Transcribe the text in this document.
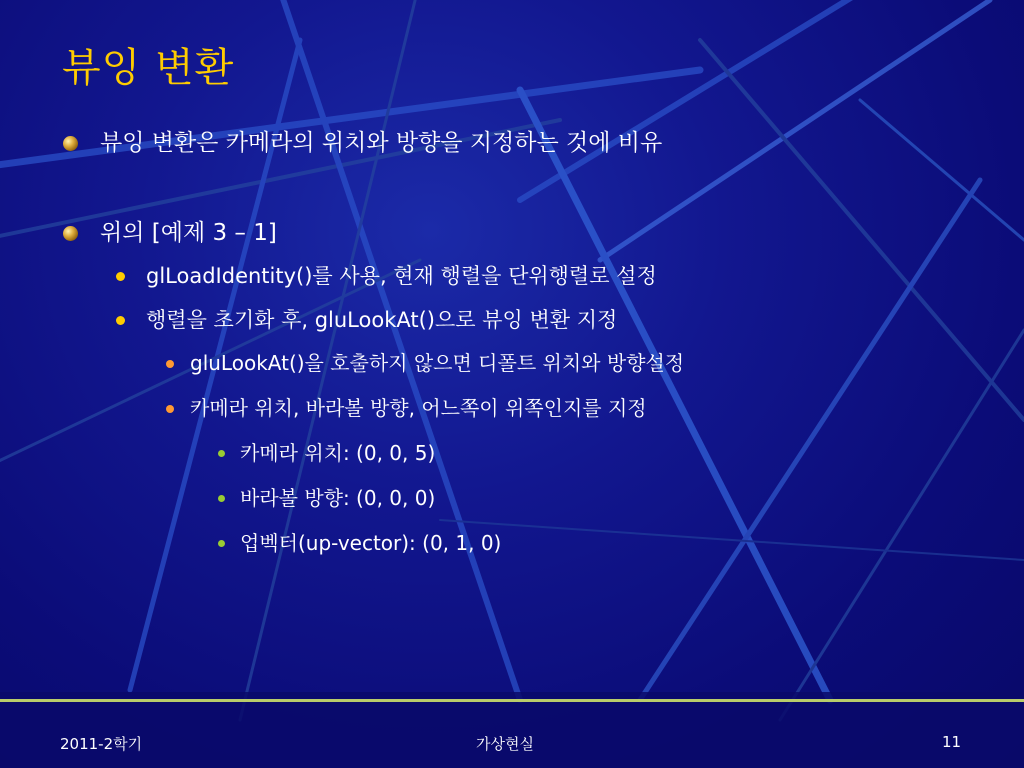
뷰잉 변환
뷰잉 변환은 카메라의 위치와 방향을 지정하는 것에 비유
위의 [예제 3 – 1]
glLoadIdentity()를 사용, 현재 행렬을 단위행렬로 설정
행렬을 초기화 후, gluLookAt()으로 뷰잉 변환 지정
gluLookAt()을 호출하지 않으면 디폴트 위치와 방향설정
카메라 위치, 바라볼 방향, 어느쪽이 위쪽인지를 지정
카메라 위치: (0, 0, 5)
바라볼 방향: (0, 0, 0)
업벡터(up-vector): (0, 1, 0)
2011-2학기	가상현실	11
